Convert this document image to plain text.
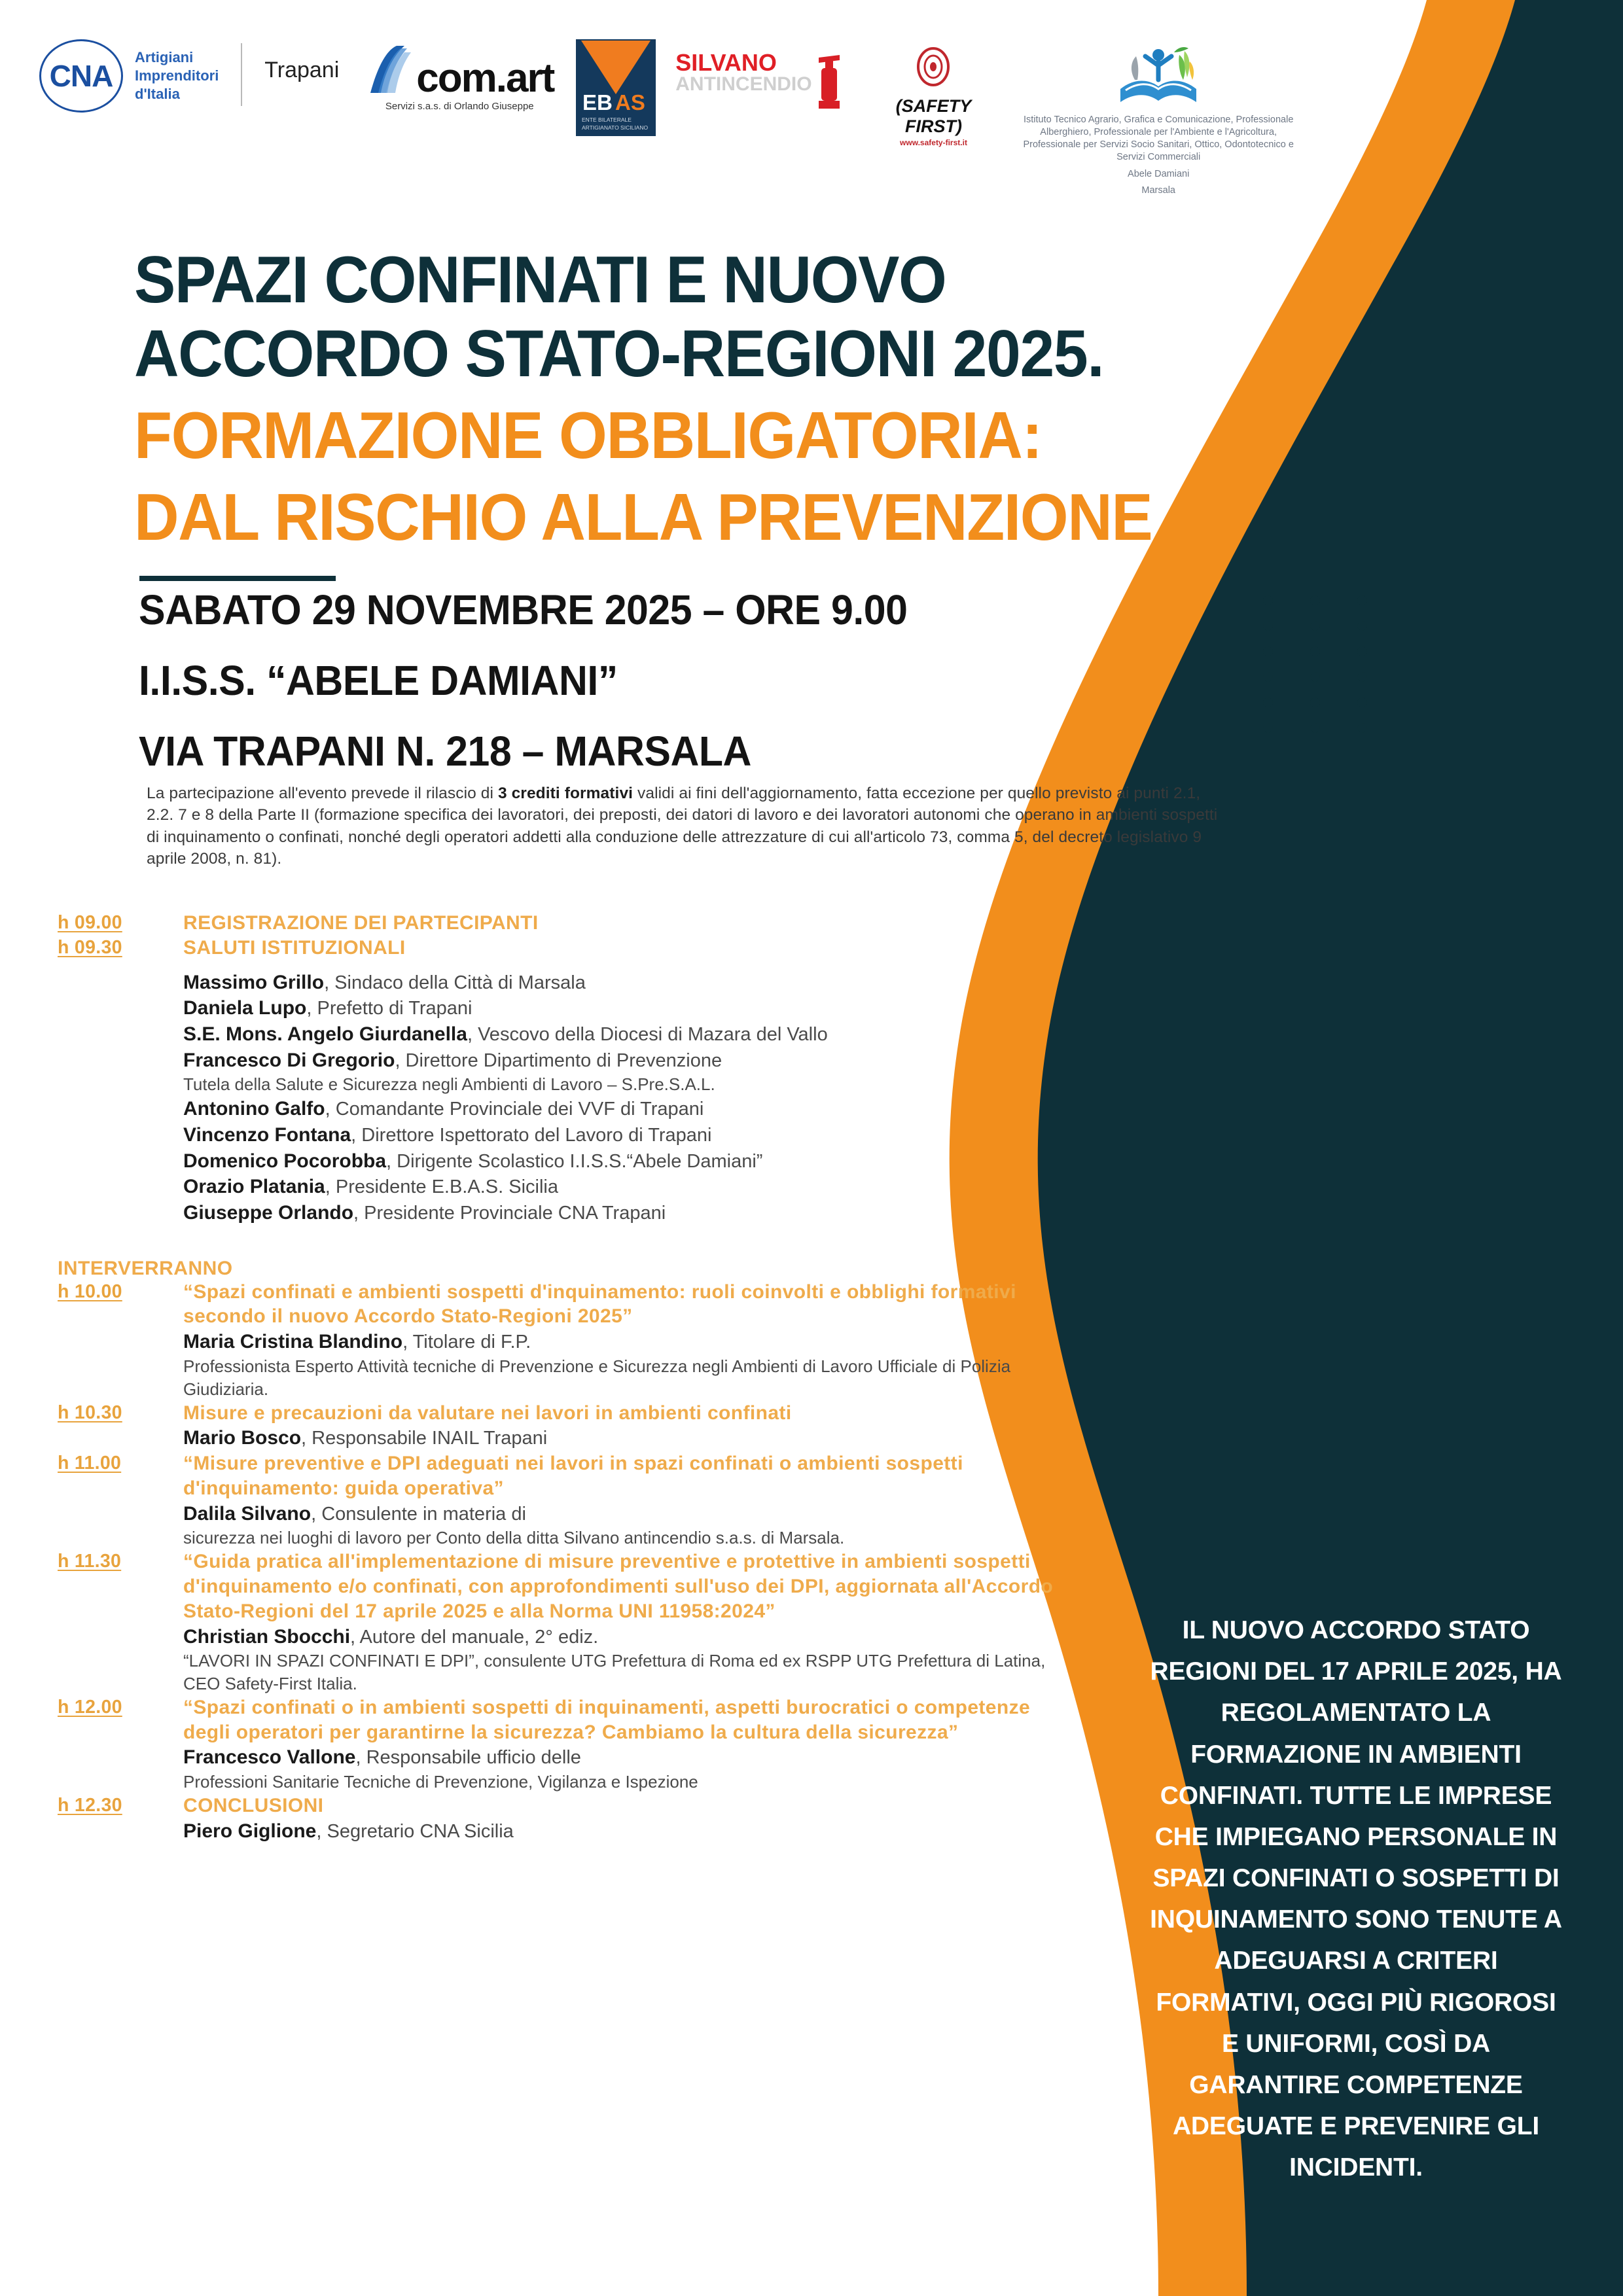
CNA
Artigiani
Imprenditori
d'Italia
Trapani	com.art
Servizi s.a.s. di Orlando Giuseppe	EB AS
ENTE BILATERALE
ARTIGIANATO SICILIANO
SILVANO
ANTINCENDIO
(SAFETY FIRST)
www.safety-first.it
Istituto Tecnico Agrario, Grafica e Comunicazione, Professionale Alberghiero, Professionale per l'Ambiente e l'Agricoltura, Professionale per Servizi Socio Sanitari, Ottico, Odontotecnico e Servizi Commerciali
Abele Damiani
Marsala
SPAZI CONFINATI E NUOVO
ACCORDO STATO-REGIONI 2025.
FORMAZIONE OBBLIGATORIA:
DAL RISCHIO ALLA PREVENZIONE
SABATO 29 NOVEMBRE 2025 – ORE 9.00
I.I.S.S. “ABELE DAMIANI”
VIA TRAPANI N. 218 – MARSALA
La partecipazione all'evento prevede il rilascio di 3 crediti formativi validi ai fini dell'aggiornamento, fatta eccezione per quello previsto ai punti 2.1, 2.2. 7 e 8 della Parte II (formazione specifica dei lavoratori, dei preposti, dei datori di lavoro e dei lavoratori autonomi che operano in ambienti sospetti di inquinamento o confinati, nonché degli operatori addetti alla conduzione delle attrezzature di cui all'articolo 73, comma 5, del decreto legislativo 9 aprile 2008, n. 81).
h 09.00	REGISTRAZIONE DEI PARTECIPANTI
h 09.30	SALUTI ISTITUZIONALI
Massimo Grillo, Sindaco della Città di Marsala
Daniela Lupo, Prefetto di Trapani
S.E. Mons. Angelo Giurdanella, Vescovo della Diocesi di Mazara del Vallo
Francesco Di Gregorio, Direttore Dipartimento di Prevenzione
Tutela della Salute e Sicurezza negli Ambienti di Lavoro – S.Pre.S.A.L.
Antonino Galfo, Comandante Provinciale dei VVF di Trapani
Vincenzo Fontana, Direttore Ispettorato del Lavoro di Trapani
Domenico Pocorobba, Dirigente Scolastico I.I.S.S.“Abele Damiani”
Orazio Platania, Presidente E.B.A.S. Sicilia
Giuseppe Orlando, Presidente Provinciale CNA Trapani
INTERVERRANNO
h 10.00	“Spazi confinati e ambienti sospetti d'inquinamento: ruoli coinvolti e obblighi formativi secondo il nuovo Accordo Stato-Regioni 2025”
Maria Cristina Blandino, Titolare di F.P.
Professionista Esperto Attività tecniche di Prevenzione e Sicurezza negli Ambienti di Lavoro Ufficiale di Polizia Giudiziaria.
h 10.30	Misure e precauzioni da valutare nei lavori in ambienti confinati
Mario Bosco, Responsabile INAIL Trapani
h 11.00	“Misure preventive e DPI adeguati nei lavori in spazi confinati o ambienti sospetti d'inquinamento: guida operativa”
Dalila Silvano, Consulente in materia di
sicurezza nei luoghi di lavoro per Conto della ditta Silvano antincendio s.a.s. di Marsala.
h 11.30	“Guida pratica all'implementazione di misure preventive e protettive in ambienti sospetti d'inquinamento e/o confinati, con approfondimenti sull'uso dei DPI, aggiornata all'Accordo Stato-Regioni del 17 aprile 2025 e alla Norma UNI 11958:2024”
Christian Sbocchi, Autore del manuale, 2° ediz.
“LAVORI IN SPAZI CONFINATI E DPI”, consulente UTG Prefettura di Roma ed ex RSPP UTG Prefettura di Latina, CEO Safety-First Italia.
h 12.00	“Spazi confinati o in ambienti sospetti di inquinamenti, aspetti burocratici o competenze degli operatori per garantirne la sicurezza? Cambiamo la cultura della sicurezza”
Francesco Vallone, Responsabile ufficio delle
Professioni Sanitarie Tecniche di Prevenzione, Vigilanza e Ispezione
h 12.30	CONCLUSIONI
Piero Giglione, Segretario CNA Sicilia
IL NUOVO ACCORDO STATO REGIONI DEL 17 APRILE 2025, HA REGOLAMENTATO LA FORMAZIONE IN AMBIENTI CONFINATI. TUTTE LE IMPRESE CHE IMPIEGANO PERSONALE IN SPAZI CONFINATI O SOSPETTI DI INQUINAMENTO SONO TENUTE A ADEGUARSI A CRITERI FORMATIVI, OGGI PIÙ RIGOROSI E UNIFORMI, COSÌ DA GARANTIRE COMPETENZE ADEGUATE E PREVENIRE GLI INCIDENTI.
